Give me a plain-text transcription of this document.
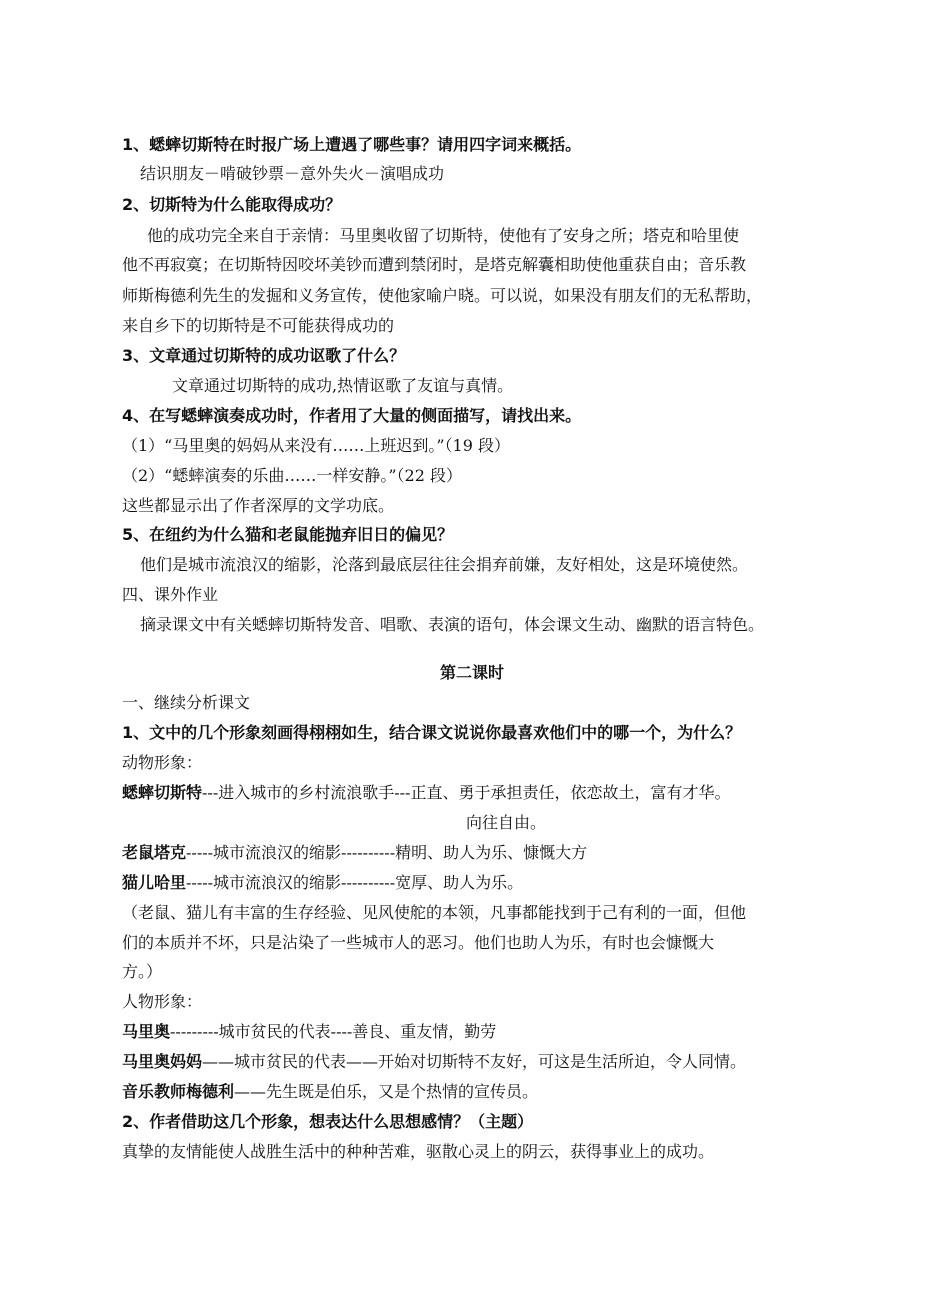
1、蟋蟀切斯特在时报广场上遭遇了哪些事？请用四字词来概括。
结识朋友－啃破钞票－意外失火－演唱成功
2、切斯特为什么能取得成功？
他的成功完全来自于亲情：马里奥收留了切斯特，使他有了安身之所；塔克和哈里使
他不再寂寞；在切斯特因咬坏美钞而遭到禁闭时，是塔克解囊相助使他重获自由；音乐教
师斯梅德利先生的发掘和义务宣传，使他家喻户晓。可以说，如果没有朋友们的无私帮助，
来自乡下的切斯特是不可能获得成功的
3、文章通过切斯特的成功讴歌了什么？
文章通过切斯特的成功,热情讴歌了友谊与真情。
4、在写蟋蟀演奏成功时，作者用了大量的侧面描写，请找出来。
（1）“马里奥的妈妈从来没有……上班迟到。”（19 段）
（2）“蟋蟀演奏的乐曲……一样安静。”（22 段）
这些都显示出了作者深厚的文学功底。
5、在纽约为什么猫和老鼠能抛弃旧日的偏见？
他们是城市流浪汉的缩影，沦落到最底层往往会捐弃前嫌，友好相处，这是环境使然。
四、课外作业
摘录课文中有关蟋蟀切斯特发音、唱歌、表演的语句，体会课文生动、幽默的语言特色。
第二课时
一、继续分析课文
1、文中的几个形象刻画得栩栩如生，结合课文说说你最喜欢他们中的哪一个，为什么？
动物形象：
蟋蟀切斯特---进入城市的乡村流浪歌手---正直、勇于承担责任，依恋故土，富有才华。
向往自由。
老鼠塔克-----城市流浪汉的缩影----------精明、助人为乐、慷慨大方
猫儿哈里-----城市流浪汉的缩影----------宽厚、助人为乐。
（老鼠、猫儿有丰富的生存经验、见风使舵的本领，凡事都能找到于己有利的一面，但他
们的本质并不坏，只是沾染了一些城市人的恶习。他们也助人为乐，有时也会慷慨大
方。）
人物形象：
马里奥---------城市贫民的代表----善良、重友情，勤劳
马里奥妈妈——城市贫民的代表——开始对切斯特不友好，可这是生活所迫，令人同情。
音乐教师梅德利——先生既是伯乐，又是个热情的宣传员。
2、作者借助这几个形象，想表达什么思想感情？（主题）
真挚的友情能使人战胜生活中的种种苦难，驱散心灵上的阴云，获得事业上的成功。
